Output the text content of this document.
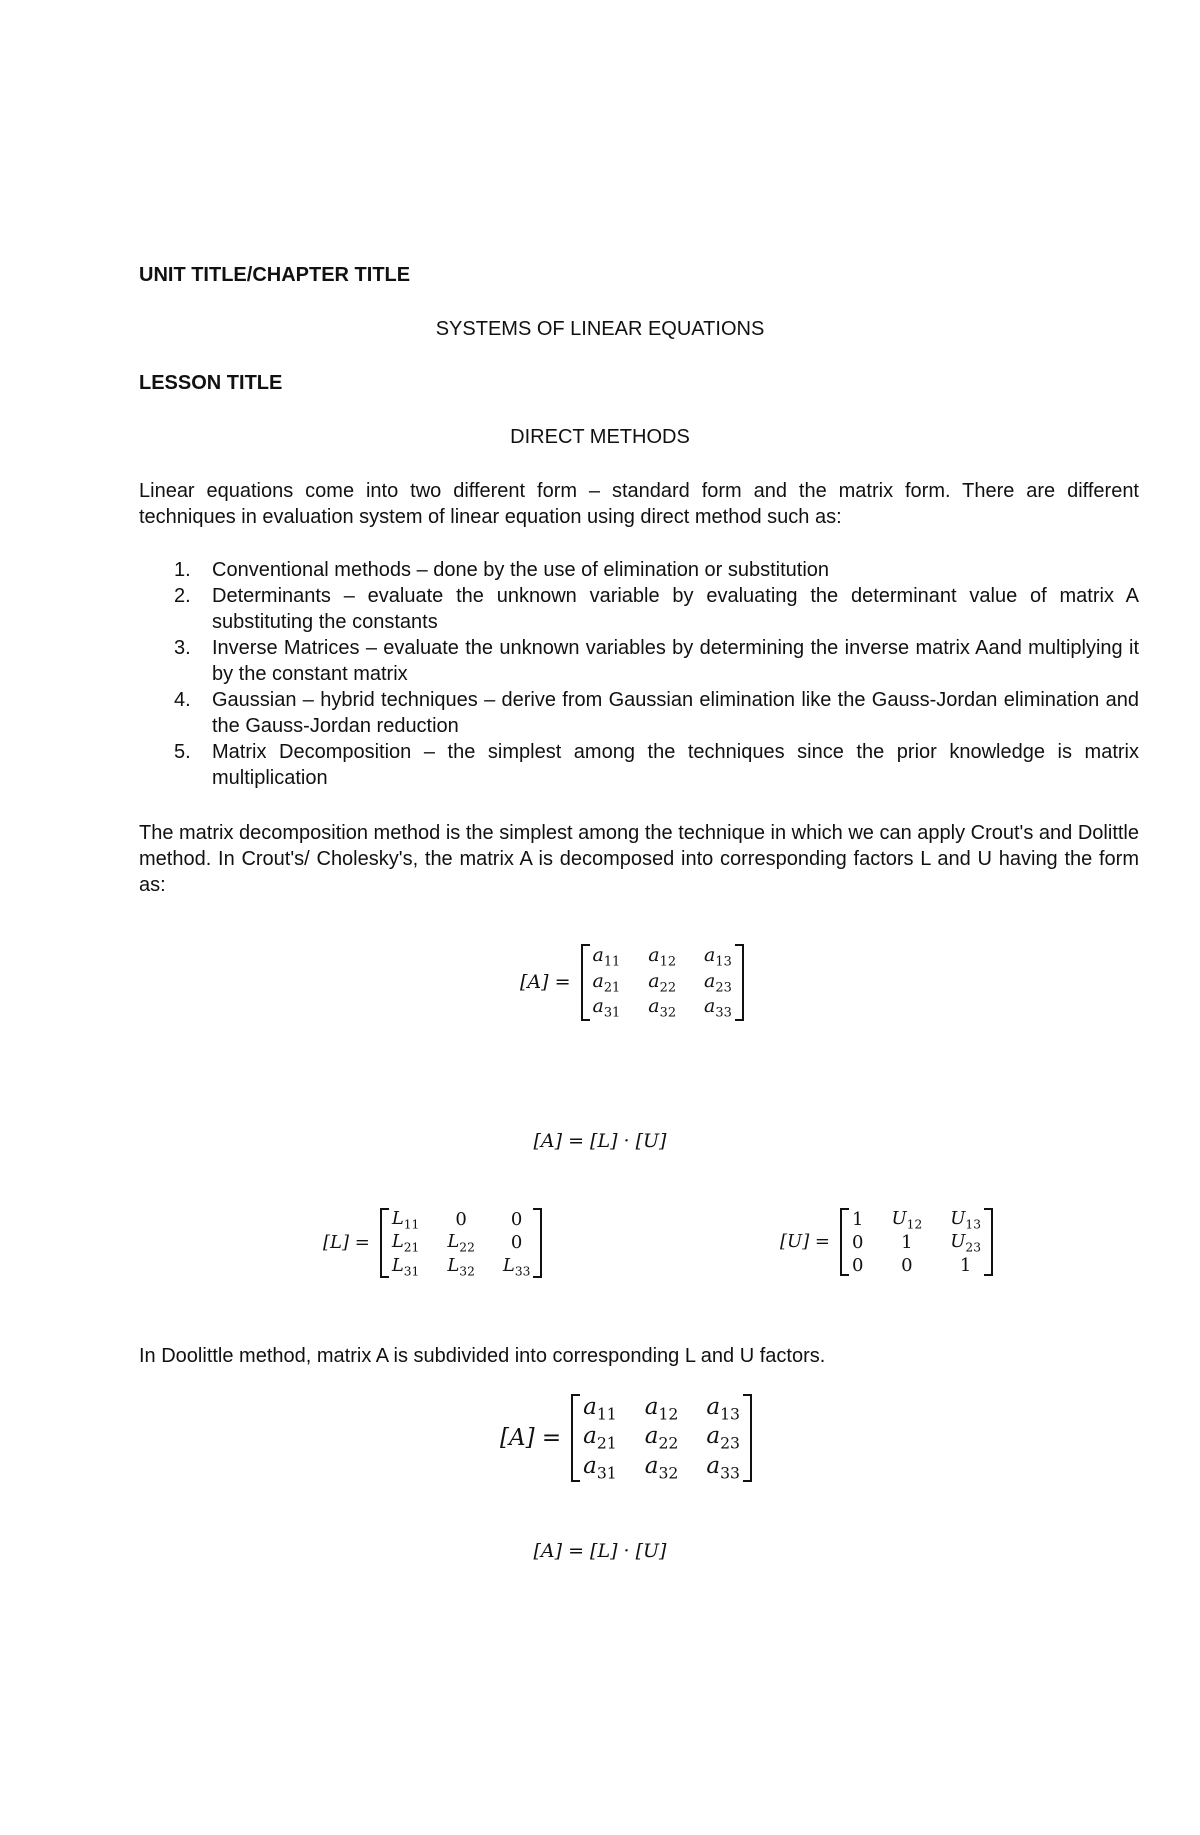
UNIT TITLE/CHAPTER TITLE
SYSTEMS OF LINEAR EQUATIONS
LESSON TITLE
DIRECT METHODS
Linear equations come into two different form – standard form and the matrix form. There are different techniques in evaluation system of linear equation using direct method such as:
1. Conventional methods – done by the use of elimination or substitution
2. Determinants – evaluate the unknown variable by evaluating the determinant value of matrix A substituting the constants
3. Inverse Matrices – evaluate the unknown variables by determining the inverse matrix Aand multiplying it by the constant matrix
4. Gaussian – hybrid techniques – derive from Gaussian elimination like the Gauss-Jordan elimination and the Gauss-Jordan reduction
5. Matrix Decomposition – the simplest among the techniques since the prior knowledge is matrix multiplication
The matrix decomposition method is the simplest among the technique in which we can apply Crout's and Dolittle method. In Crout's/ Cholesky's, the matrix A is decomposed into corresponding factors L and U having the form as:
[A] =
$a_{11}$	$a_{12}$	$a_{13}$
$a_{21}$	$a_{22}$	$a_{23}$
$a_{31}$	$a_{32}$	$a_{33}$
[A] = [L] · [U]
[L] =
$L_{11}$	0	0
$L_{21}$	$L_{22}$	0
$L_{31}$	$L_{32}$	$L_{33}$
[U] =
1	$U_{12}$	$U_{13}$
0	1	$U_{23}$
0	0	1
In Doolittle method, matrix A is subdivided into corresponding L and U factors.
[A] =
$a_{11}$	$a_{12}$	$a_{13}$
$a_{21}$	$a_{22}$	$a_{23}$
$a_{31}$	$a_{32}$	$a_{33}$
[A] = [L] · [U]
